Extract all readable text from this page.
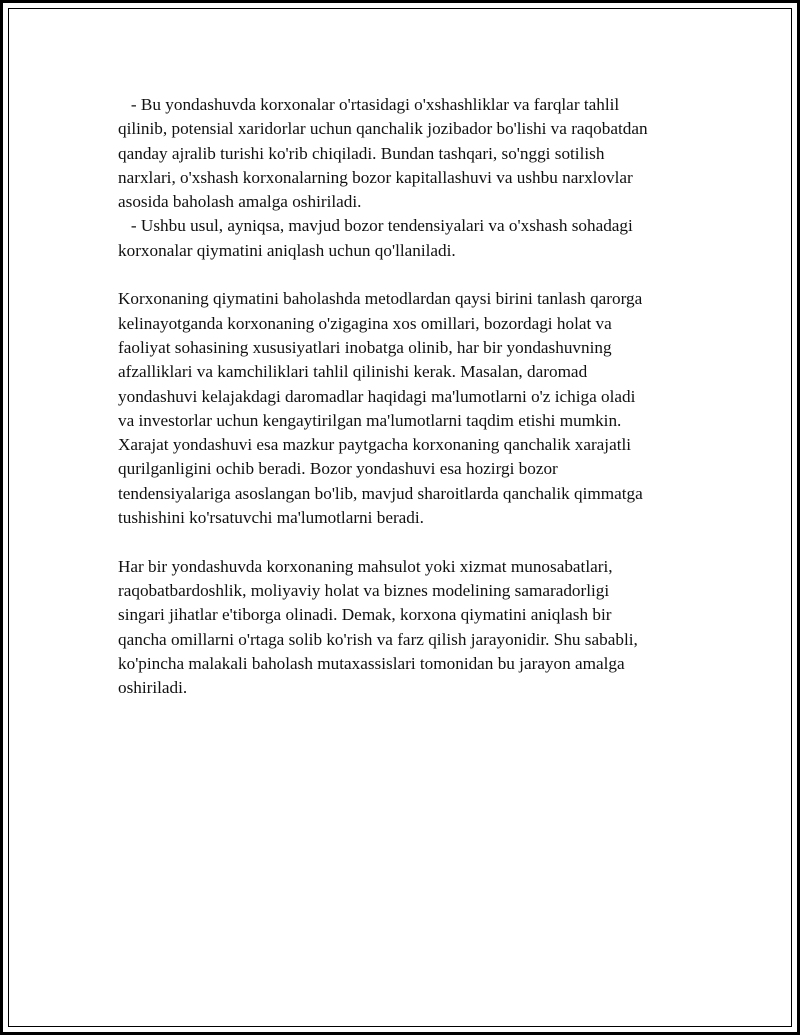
- Bu yondashuvda korxonalar o'rtasidagi o'xshashliklar va farqlar tahlil
qilinib, potensial xaridorlar uchun qanchalik jozibador bo'lishi va raqobatdan
qanday ajralib turishi ko'rib chiqiladi. Bundan tashqari, so'nggi sotilish
narxlari, o'xshash korxonalarning bozor kapitallashuvi va ushbu narxlovlar
asosida baholash amalga oshiriladi.
- Ushbu usul, ayniqsa, mavjud bozor tendensiyalari va o'xshash sohadagi
korxonalar qiymatini aniqlash uchun qo'llaniladi.
Korxonaning qiymatini baholashda metodlardan qaysi birini tanlash qarorga
kelinayotganda korxonaning o'zigagina xos omillari, bozordagi holat va
faoliyat sohasining xususiyatlari inobatga olinib, har bir yondashuvning
afzalliklari va kamchiliklari tahlil qilinishi kerak. Masalan, daromad
yondashuvi kelajakdagi daromadlar haqidagi ma'lumotlarni o'z ichiga oladi
va investorlar uchun kengaytirilgan ma'lumotlarni taqdim etishi mumkin.
Xarajat yondashuvi esa mazkur paytgacha korxonaning qanchalik xarajatli
qurilganligini ochib beradi. Bozor yondashuvi esa hozirgi bozor
tendensiyalariga asoslangan bo'lib, mavjud sharoitlarda qanchalik qimmatga
tushishini ko'rsatuvchi ma'lumotlarni beradi.
Har bir yondashuvda korxonaning mahsulot yoki xizmat munosabatlari,
raqobatbardoshlik, moliyaviy holat va biznes modelining samaradorligi
singari jihatlar e'tiborga olinadi. Demak, korxona qiymatini aniqlash bir
qancha omillarni o'rtaga solib ko'rish va farz qilish jarayonidir. Shu sababli,
ko'pincha malakali baholash mutaxassislari tomonidan bu jarayon amalga
oshiriladi.
